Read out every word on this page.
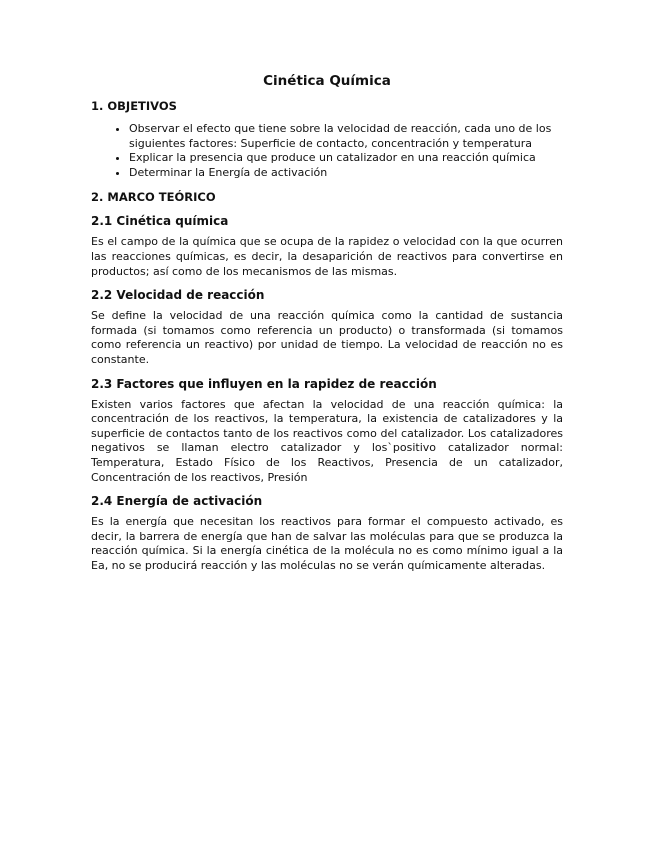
Cinética Química
1. OBJETIVOS
• Observar el efecto que tiene sobre la velocidad de reacción, cada uno de los siguientes factores: Superficie de contacto, concentración y temperatura
• Explicar la presencia que produce un catalizador en una reacción química
• Determinar la Energía de activación
2. MARCO TEÓRICO
2.1 Cinética química

Es el campo de la química que se ocupa de la rapidez o velocidad con la que ocurren las reacciones químicas, es decir, la desaparición de reactivos para convertirse en productos; así como de los mecanismos de las mismas.

2.2 Velocidad de reacción

Se define la velocidad de una reacción química como la cantidad de sustancia formada (si tomamos como referencia un producto) o transformada (si tomamos como referencia un reactivo) por unidad de tiempo. La velocidad de reacción no es constante.

2.3 Factores que influyen en la rapidez de reacción

Existen varios factores que afectan la velocidad de una reacción química: la concentración de los reactivos, la temperatura, la existencia de catalizadores y la superficie de contactos tanto de los reactivos como del catalizador. Los catalizadores negativos se llaman electro catalizador y los`positivo catalizador normal: Temperatura, Estado Físico de los Reactivos, Presencia de un catalizador, Concentración de los reactivos, Presión

2.4 Energía de activación

Es la energía que necesitan los reactivos para formar el compuesto activado, es decir, la barrera de energía que han de salvar las moléculas para que se produzca la reacción química. Si la energía cinética de la molécula no es como mínimo igual a la Ea, no se producirá reacción y las moléculas no se verán químicamente alteradas.
